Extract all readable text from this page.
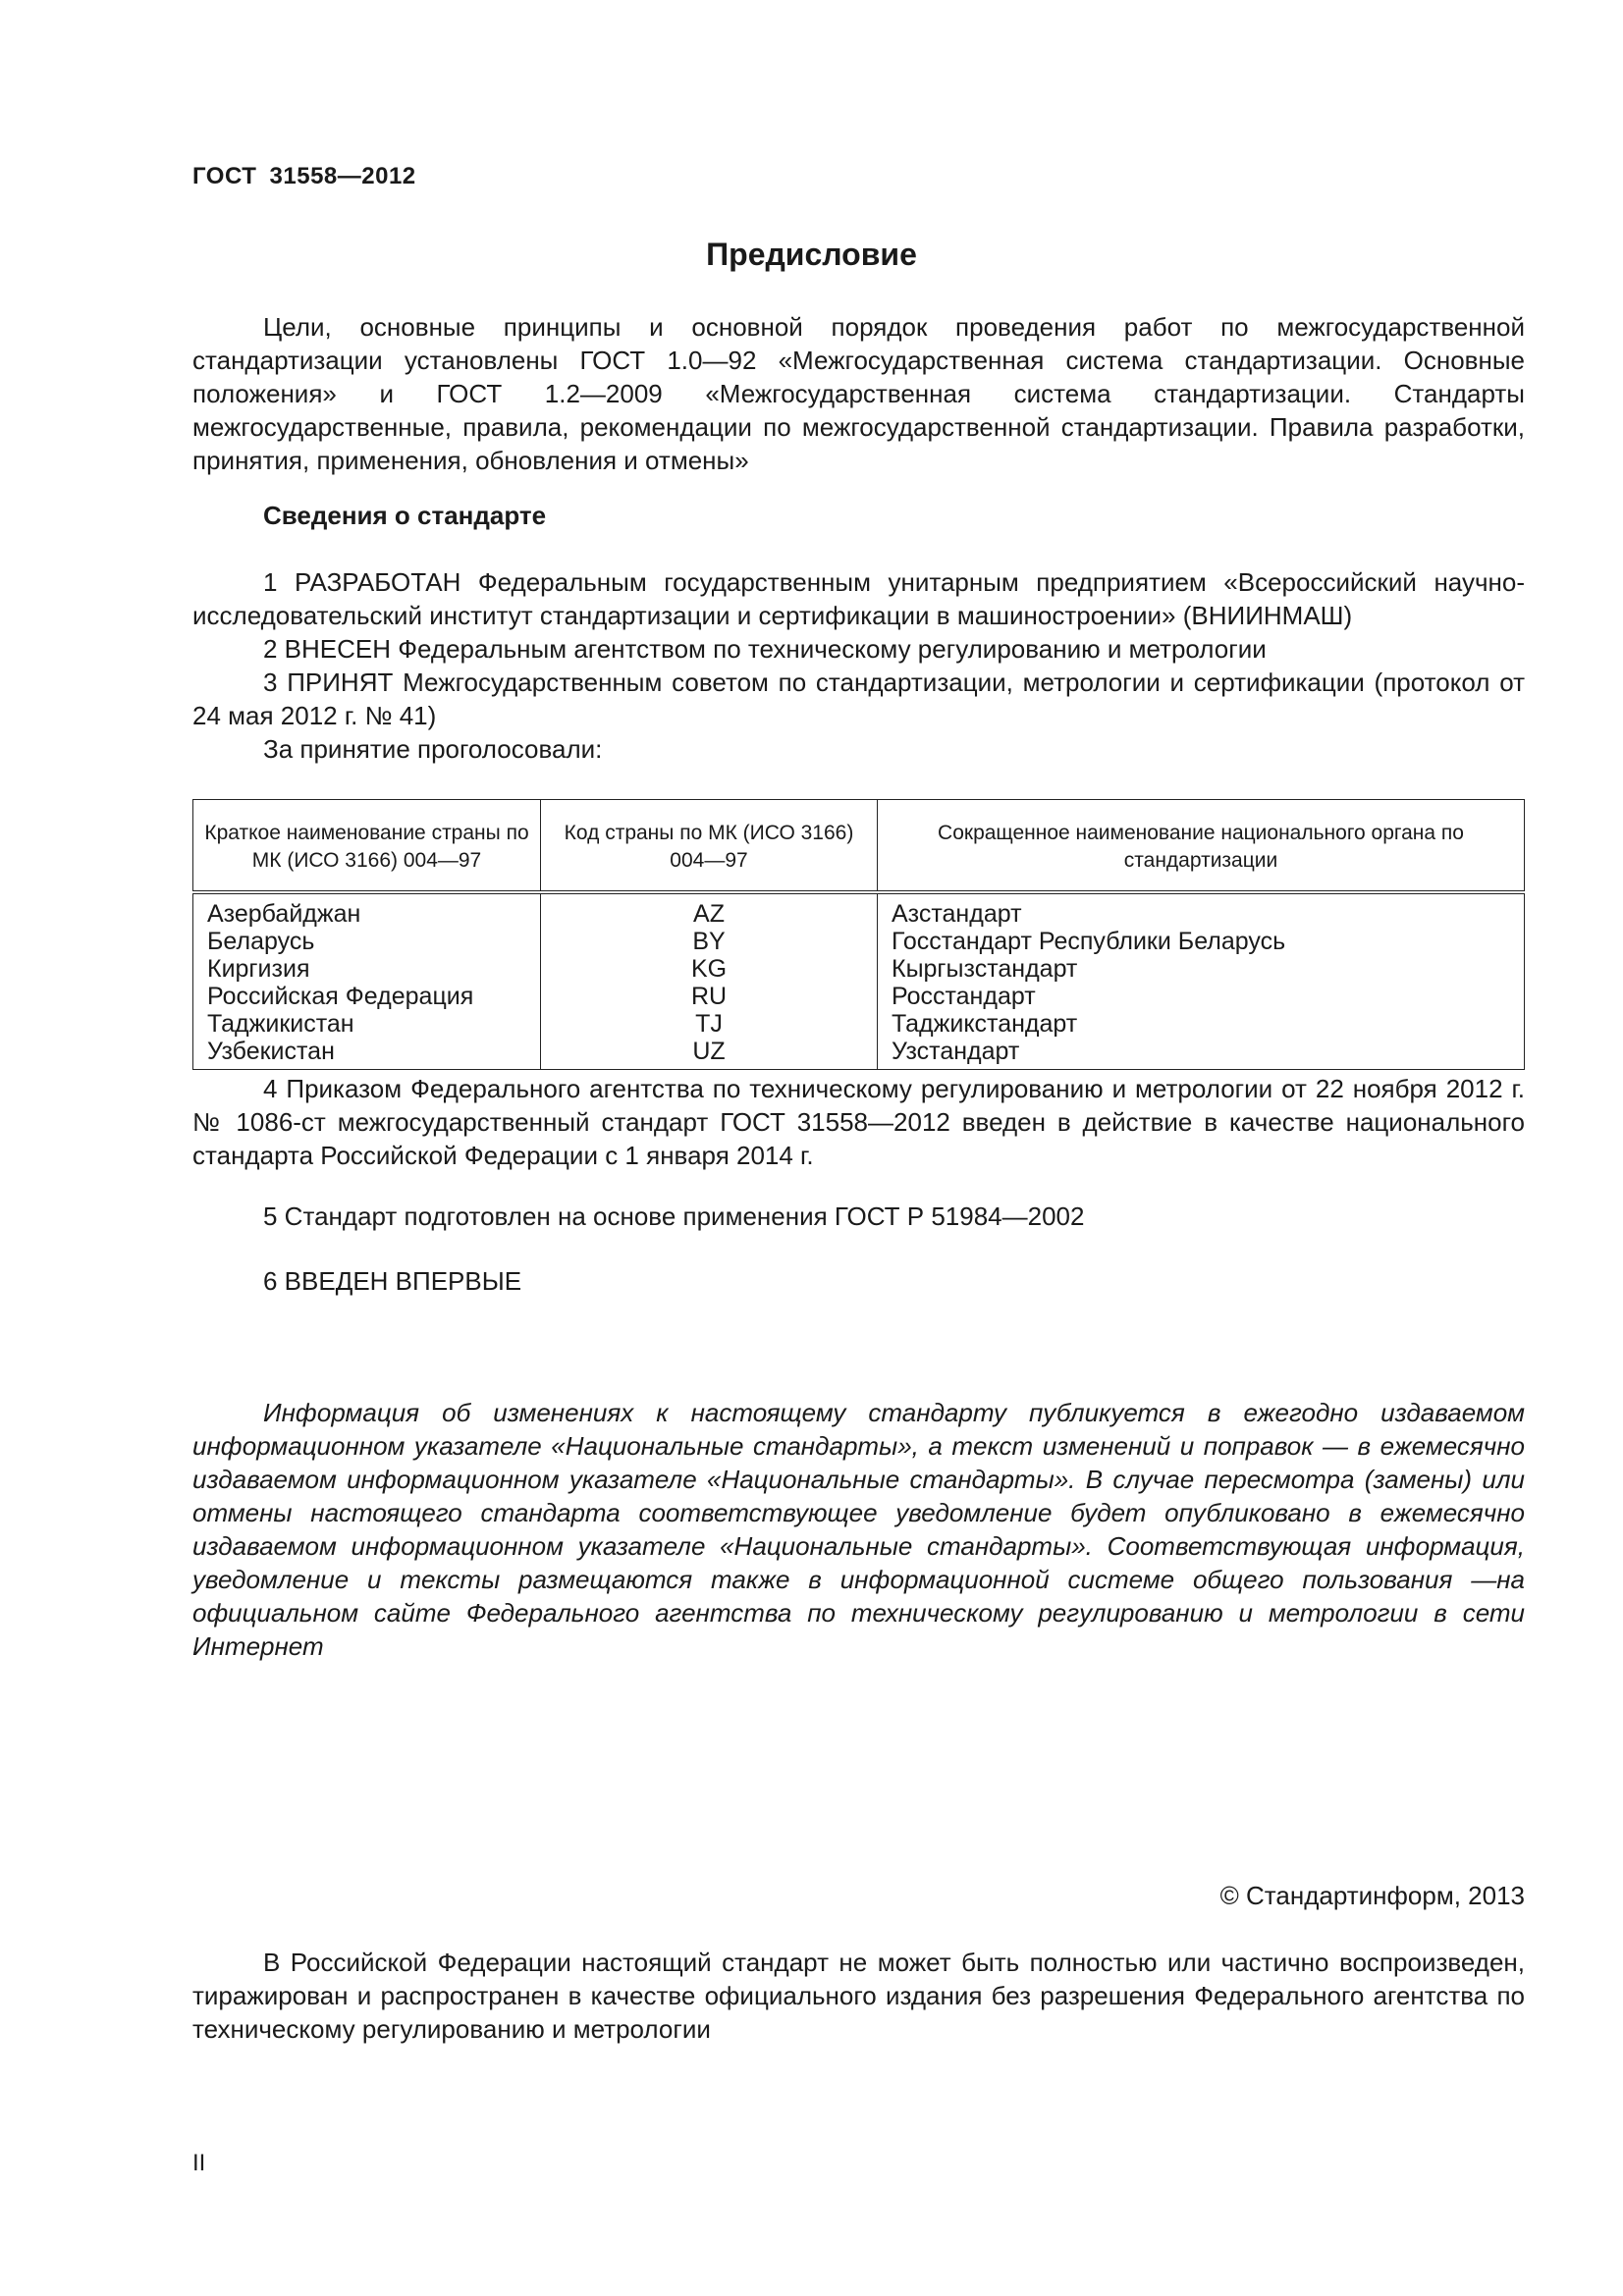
ГОСТ 31558—2012
Предисловие

Цели, основные принципы и основной порядок проведения работ по межгосударственной стандартизации установлены ГОСТ 1.0—92 «Межгосударственная система стандартизации. Основные положения» и ГОСТ 1.2—2009 «Межгосударственная система стандартизации. Стандарты межгосударственные, правила, рекомендации по межгосударственной стандартизации. Правила разработки, принятия, применения, обновления и отмены»

Сведения о стандарте

1 РАЗРАБОТАН Федеральным государственным унитарным предприятием «Всероссийский научно-исследовательский институт стандартизации и сертификации в машиностроении» (ВНИИНМАШ)

2 ВНЕСЕН Федеральным агентством по техническому регулированию и метрологии

3 ПРИНЯТ Межгосударственным советом по стандартизации, метрологии и сертификации (протокол от 24 мая 2012 г. № 41)

За принятие проголосовали:

Краткое наименование страны по МК (ИСО 3166) 004—97	Код страны по МК (ИСО 3166) 004—97	Сокращенное наименование национального органа по стандартизации
Азербайджан	AZ	Азстандарт
Беларусь	BY	Госстандарт Республики Беларусь
Киргизия	KG	Кыргызстандарт
Российская Федерация	RU	Росстандарт
Таджикистан	TJ	Таджикстандарт
Узбекистан	UZ	Узстандарт

4 Приказом Федерального агентства по техническому регулированию и метрологии от 22 ноября 2012 г. № 1086-ст межгосударственный стандарт ГОСТ 31558—2012 введен в действие в качестве национального стандарта Российской Федерации с 1 января 2014 г.

5 Стандарт подготовлен на основе применения ГОСТ Р 51984—2002

6 ВВЕДЕН ВПЕРВЫЕ

Информация об изменениях к настоящему стандарту публикуется в ежегодно издаваемом информационном указателе «Национальные стандарты», а текст изменений и поправок — в ежемесячно издаваемом информационном указателе «Национальные стандарты». В случае пересмотра (замены) или отмены настоящего стандарта соответствующее уведомление будет опубликовано в ежемесячно издаваемом информационном указателе «Национальные стандарты». Соответствующая информация, уведомление и тексты размещаются также в информационной системе общего пользования —на официальном сайте Федерального агентства по техническому регулированию и метрологии в сети Интернет

© Стандартинформ, 2013

В Российской Федерации настоящий стандарт не может быть полностью или частично воспроизведен, тиражирован и распространен в качестве официального издания без разрешения Федерального агентства по техническому регулированию и метрологии

II
